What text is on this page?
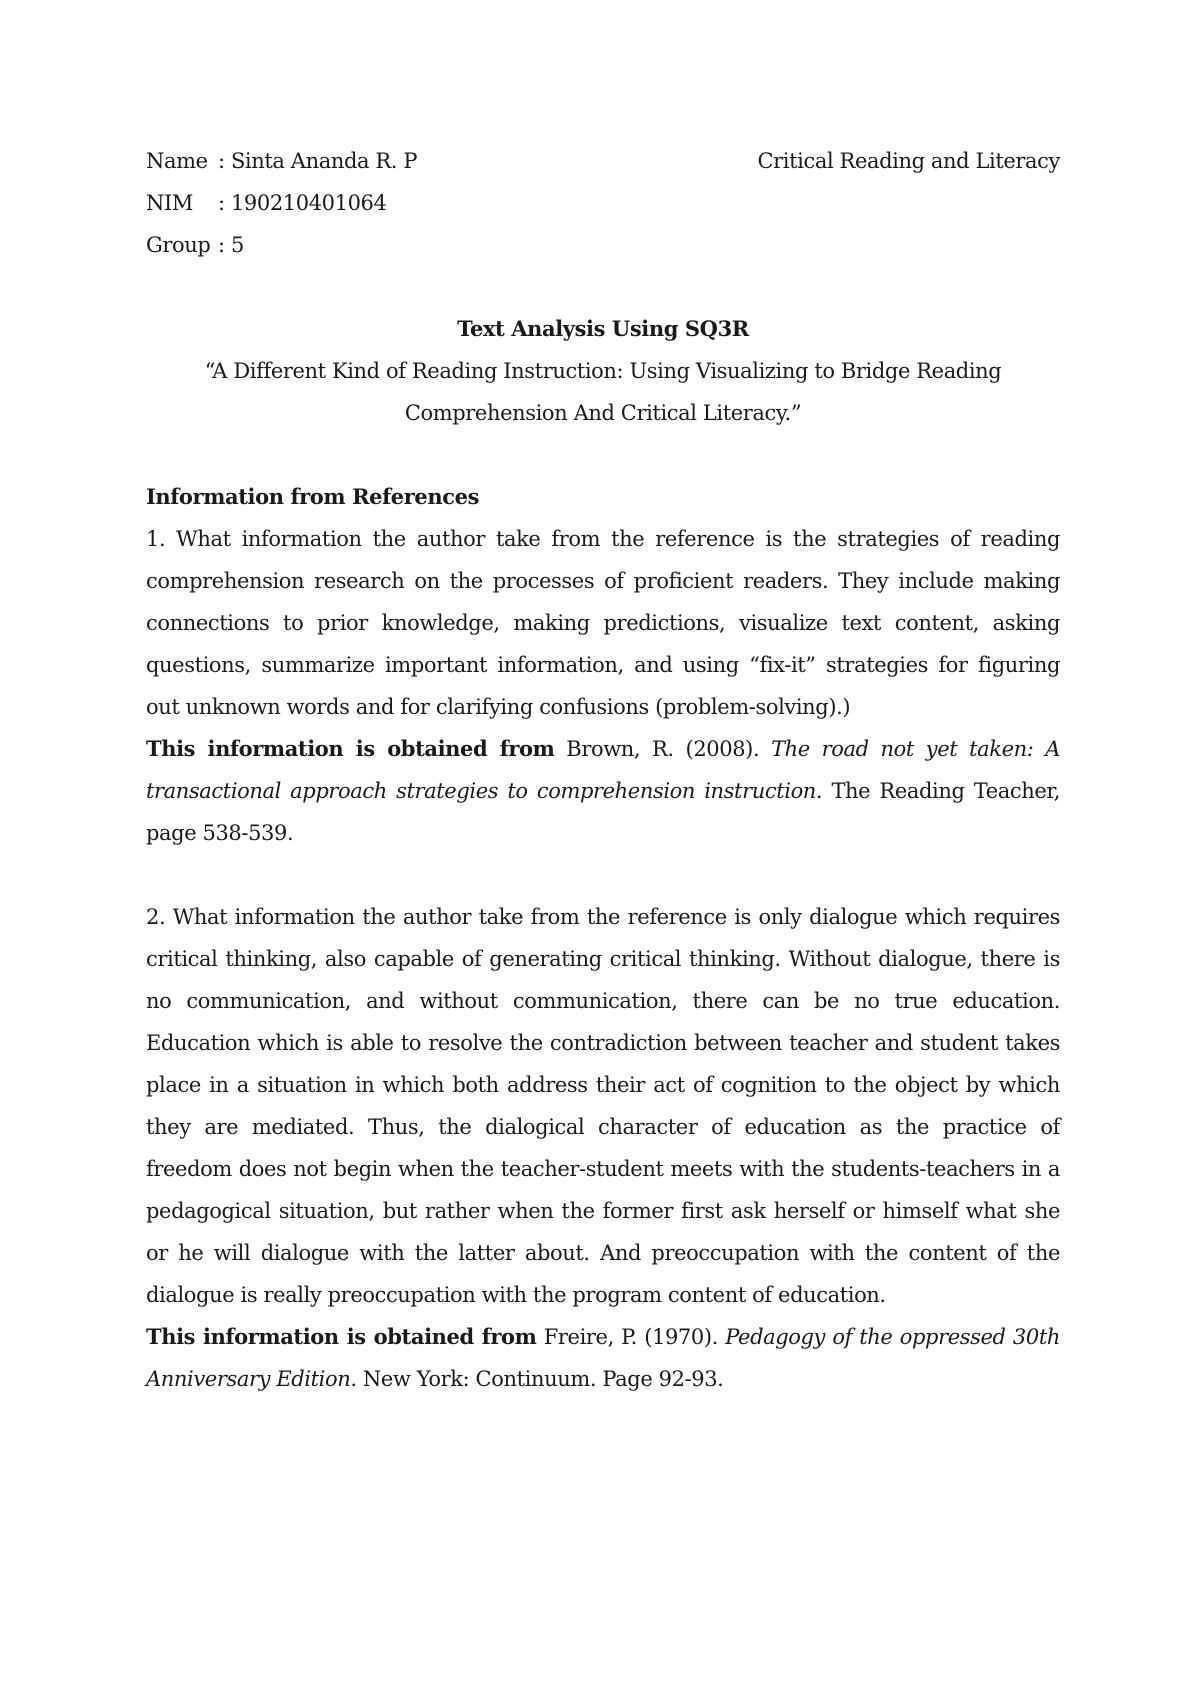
Name : Sinta Ananda R. P	Critical Reading and Literacy
NIM : 190210401064
Group : 5
Text Analysis Using SQ3R
“A Different Kind of Reading Instruction: Using Visualizing to Bridge Reading
Comprehension And Critical Literacy.”
Information from References

1. What information the author take from the reference is the strategies of reading comprehension research on the processes of proficient readers. They include making connections to prior knowledge, making predictions, visualize text content, asking questions, summarize important information, and using “fix-it” strategies for figuring out unknown words and for clarifying confusions (problem-solving).)

This information is obtained from Brown, R. (2008). The road not yet taken: A transactional approach strategies to comprehension instruction. The Reading Teacher, page 538-539.

2. What information the author take from the reference is only dialogue which requires critical thinking, also capable of generating critical thinking. Without dialogue, there is no communication, and without communication, there can be no true education. Education which is able to resolve the contradiction between teacher and student takes place in a situation in which both address their act of cognition to the object by which they are mediated. Thus, the dialogical character of education as the practice of freedom does not begin when the teacher-student meets with the students-teachers in a pedagogical situation, but rather when the former first ask herself or himself what she or he will dialogue with the latter about. And preoccupation with the content of the dialogue is really preoccupation with the program content of education.

This information is obtained from Freire, P. (1970). Pedagogy of the oppressed 30th Anniversary Edition. New York: Continuum. Page 92-93.
